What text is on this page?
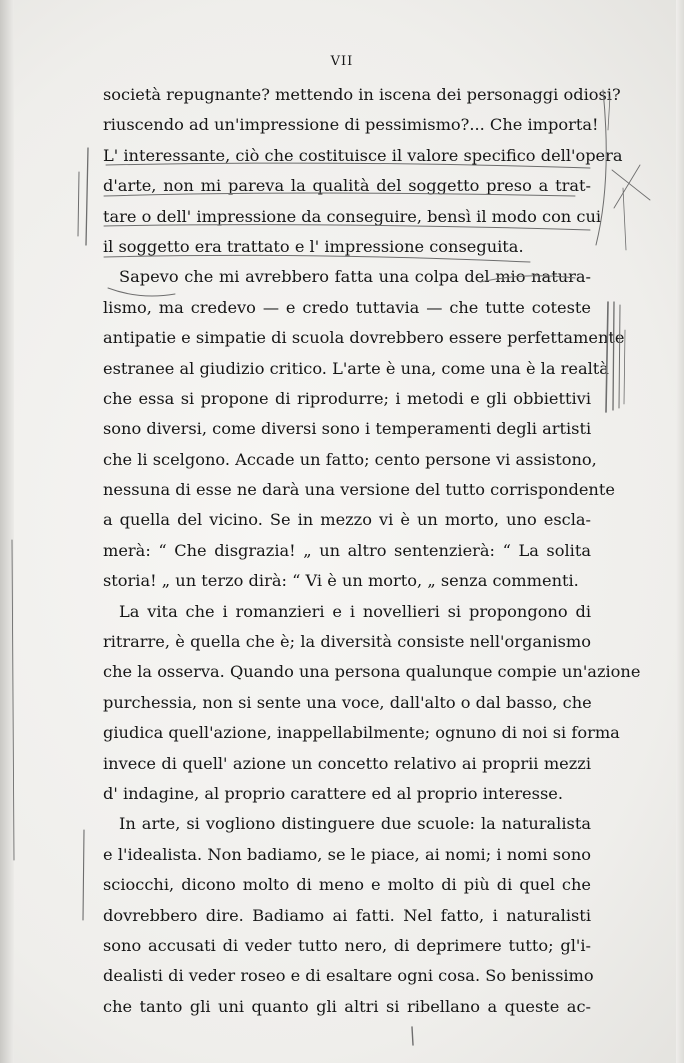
VII
società repugnante? mettendo in iscena dei personaggi odiosi?
riuscendo ad un'impressione di pessimismo?... Che importa!
L' interessante, ciò che costituisce il valore specifico dell'opera
d'arte, non mi pareva la qualità del soggetto preso a trat-
tare o dell' impressione da conseguire, bensì il modo con cui
il soggetto era trattato e l' impressione conseguita.
Sapevo che mi avrebbero fatta una colpa del mio natura-
lismo, ma credevo — e credo tuttavia — che tutte coteste
antipatie e simpatie di scuola dovrebbero essere perfettamente
estranee al giudizio critico. L'arte è una, come una è la realtà
che essa si propone di riprodurre; i metodi e gli obbiettivi
sono diversi, come diversi sono i temperamenti degli artisti
che li scelgono. Accade un fatto; cento persone vi assistono,
nessuna di esse ne darà una versione del tutto corrispondente
a quella del vicino. Se in mezzo vi è un morto, uno escla-
merà: “ Che disgrazia! „ un altro sentenzierà: “ La solita
storia! „ un terzo dirà: “ Vi è un morto, „ senza commenti.
La vita che i romanzieri e i novellieri si propongono di
ritrarre, è quella che è; la diversità consiste nell'organismo
che la osserva. Quando una persona qualunque compie un'azione
purchessia, non si sente una voce, dall'alto o dal basso, che
giudica quell'azione, inappellabilmente; ognuno di noi si forma
invece di quell' azione un concetto relativo ai proprii mezzi
d' indagine, al proprio carattere ed al proprio interesse.
In arte, si vogliono distinguere due scuole: la naturalista
e l'idealista. Non badiamo, se le piace, ai nomi; i nomi sono
sciocchi, dicono molto di meno e molto di più di quel che
dovrebbero dire. Badiamo ai fatti. Nel fatto, i naturalisti
sono accusati di veder tutto nero, di deprimere tutto; gl'i-
dealisti di veder roseo e di esaltare ogni cosa. So benissimo
che tanto gli uni quanto gli altri si ribellano a queste ac-
